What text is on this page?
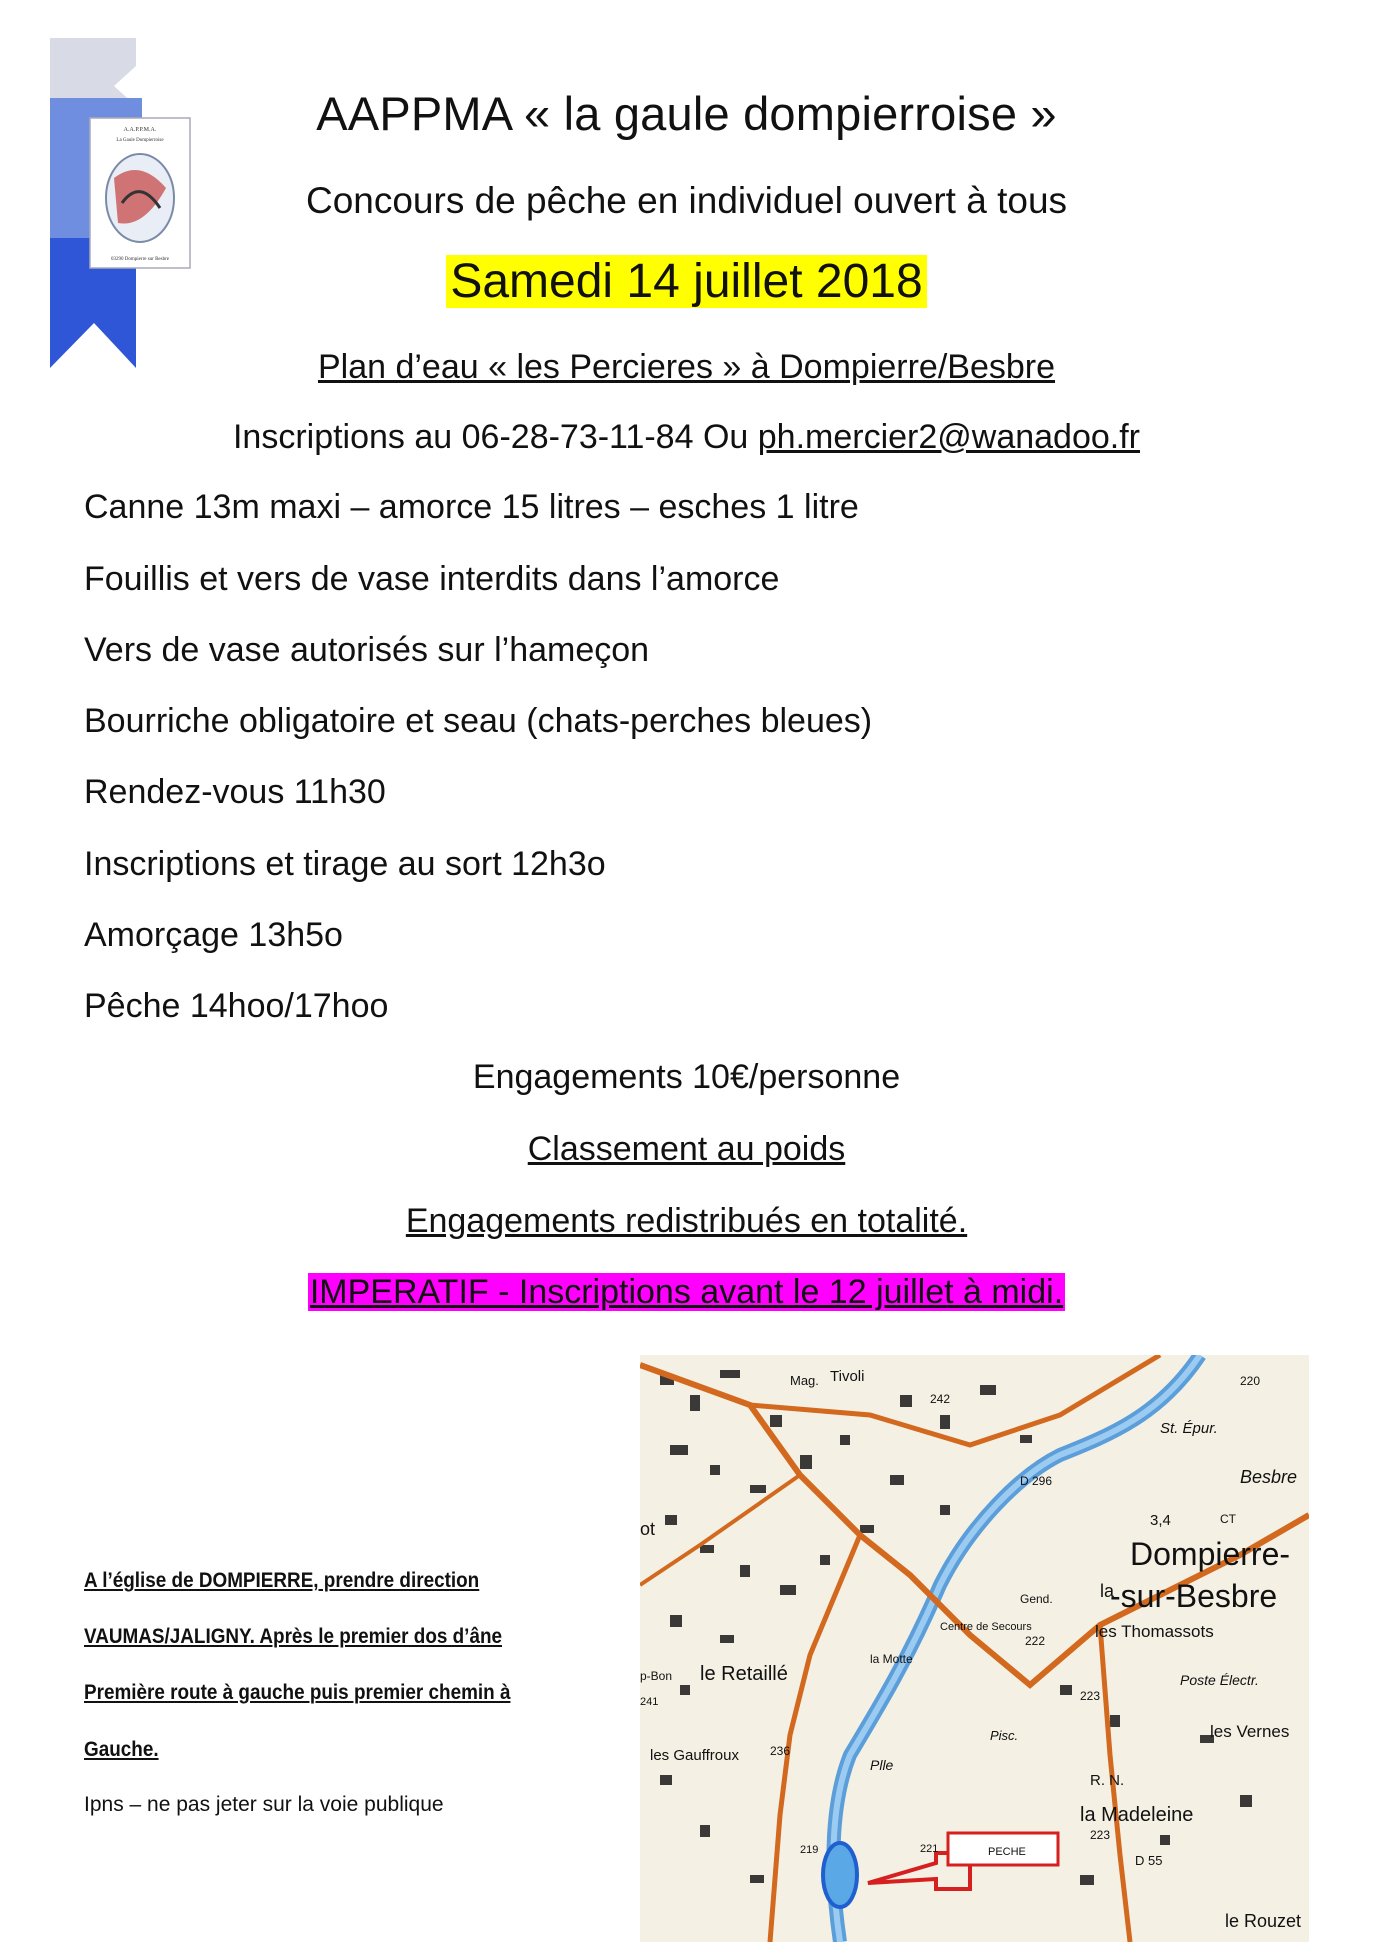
A.A.P.P.M.A.
La Gaule Dompierroise
03290 Dompierre sur Besbre
AAPPMA « la gaule dompierroise »
Concours de pêche en individuel ouvert à tous
Samedi 14 juillet 2018
Plan d’eau « les Percieres » à Dompierre/Besbre
Inscriptions au 06-28-73-11-84 Ou ph.mercier2@wanadoo.fr
Canne 13m maxi – amorce 15 litres – esches 1 litre
Fouillis et vers de vase interdits dans l’amorce
Vers de vase autorisés sur l’hameçon
Bourriche obligatoire et seau (chats-perches bleues)
Rendez-vous 11h30
Inscriptions et tirage au sort 12h3o
Amorçage 13h5o
Pêche 14hoo/17hoo
Engagements 10€/personne
Classement au poids
Engagements redistribués en totalité.
IMPERATIF - Inscriptions avant le 12 juillet à midi.
A l’église de DOMPIERRE, prendre direction
VAUMAS/JALIGNY. Après le premier dos d’âne
Première route à gauche puis premier chemin à
Gauche.
Ipns – ne pas jeter sur la voie publique
Mag. Tivoli
242
220
St. Épur.
Besbre
3,4	CT
Dompierre-
-sur-Besbre
ot
D 296
Gend.	la
les Thomassots
Centre de Secours
222
la Motte
le Retaillé
p-Bon
241	223
Poste Électr.
les Gauffroux	236
Plle
Pisc.	les Vernes
R. N.
la Madeleine
223
D 55
219	221	PECHE
le Rouzet
